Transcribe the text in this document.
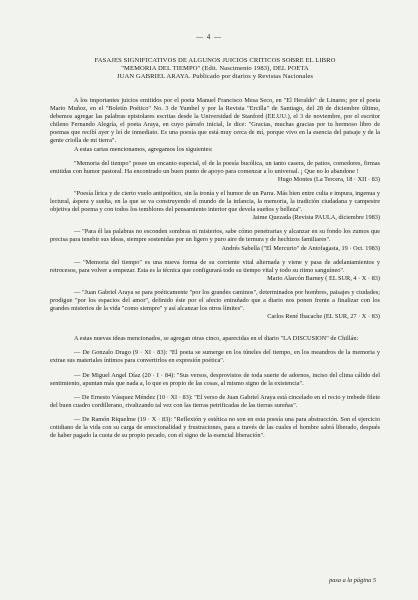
— 4 —
FASAJES SIGNIFICATIVOS DE ALGUNOS JUICIOS CRITICOS SOBRE EL LIBRO
"MEMORIA DEL TIEMPO" (Edit. Nascimento 1983), DEL POETA
JUAN GABRIEL ARAYA. Publicado por diarios y Revistas Nacionales

A los importantes juicios emitidos por el poeta Manuel Francisco Mesa Seco, en "El Heraldo" de Linares; por el poeta Mario Muñoz, en el "Boletín Poético" No. 3 de Yumbel y por la Revista "Ercilla" de Santiago, del 28 de diciembre último, debemos agregar las palabras epistolares escritas desde la Universidad de Stanford (EE.UU.), el 3 de noviembre, por el escritor chileno Fernando Alegría, el poeta Araya, en cuyo párrafo inicial, le dice: "Gracias, muchas gracias por tu hermoso libro de poemas que recibí ayer y leí de inmediato. Es una poesía que está muy cerca de mí, porque vivo en la esencia del paisaje y de la gente criolla de mi tierra".

A estas cartas mencionamos, agregamos los siguientes:

"Memoria del tiempo" posee un encanto especial, el de la poesía bucólica, un tanto casera, de patios, comedores, firmas emitidas con humor pastoral. Ha encontrado un buen punto de apoyo para comenzar a lo universal. ¡ Que no lo abandone !

Hugo Montes (La Tercera, 18 · XII · 83)

"Poesía lírica y de cierto vuelo antipoético, sin la ironía y el humor de un Parra. Más bien entre culta e impura, ingenua y lectural, áspera y suelta, en la que se va construyendo el mundo de la infancia, la memoria, la tradición ciudadana y campestre objetiva del poema y con todos los temblores del pensamiento interior que devela sueños y belleza".

Jaime Quezada (Revista PAULA, diciembre 1983)

— "Para él las palabras no esconden sombras ni misterios, sabe cómo penetrarias y alcanzar en su fondo los zumos que precisa para tenebir sus ideas, siempre sostenidas por un ligero y puro aire de ternura y de hechizos familiares".

Andrés Sabella ("El Mercurio" de Antofagasta, 19 · Oct. 1983)

— "Memoria del tiempo" es una nueva forma de su corriente vital alternada y viene y pasa de adelantamientos y retrocesos, para volver a empezar. Esta es la técnica que configurará todo su tiempo vital y todo su ritmo sanguíneo".

Mario Alarcón Barney ( EL SUR, 4 · X · 83)

— "Juan Gabriel Araya se para poéticamente "por los grandes caminos", determinados por hombres, paisajes y ciudades; prodigue "por los espacios del amor", definido éste por el afecto entrañado que a diario nos ponen frente a finalizar con los grandes misterios de la vida "como siempre" y así alcanzar los otros límites".

Carlos René Ibacache (EL SUR, 27 · X · 83)

A estas nuevas ideas mencionados, se agregan otras cinco, aparecidas en el diario "LA DISCUSION" de Chillán:

— De Gonzalo Drago (9 · XI · 83): "El poeta se sumerge en los túneles del tiempo, en los meandros de la memoria y extrae sus materiales íntimos para convertirlos en expresión poética".

— De Miguel Angel Díaz (20 · I · 84): "Sus versos, desprovistos de toda suerte de adornos, inciso del clima cálido del sentimiento, apuntan más que nada a, lo que es propio de las cosas, al mismo signo de la existencia".

— De Ernesto Vásquez Méndez (10 · XI · 83): "El verso de Juan Gabriel Araya está cincelado en el recio y trebede filete del buen cuadro cordillerano, rivalizando tal vez con las tierras petrificadas de las tierras sureñas".

— De Ramón Riquelme (19 · X · 83): "Reflexión y estética no son en esta poesía una para abstracción. Son el ejercicio cotidiano de la vida con su carga de emocionalidad y frustraciones, para a través de las cuales el hombre sabrá liberado, después de haber pagado la cuota de su propio pecado, con el signo de la esencial liberación".

pasa a la página 5
